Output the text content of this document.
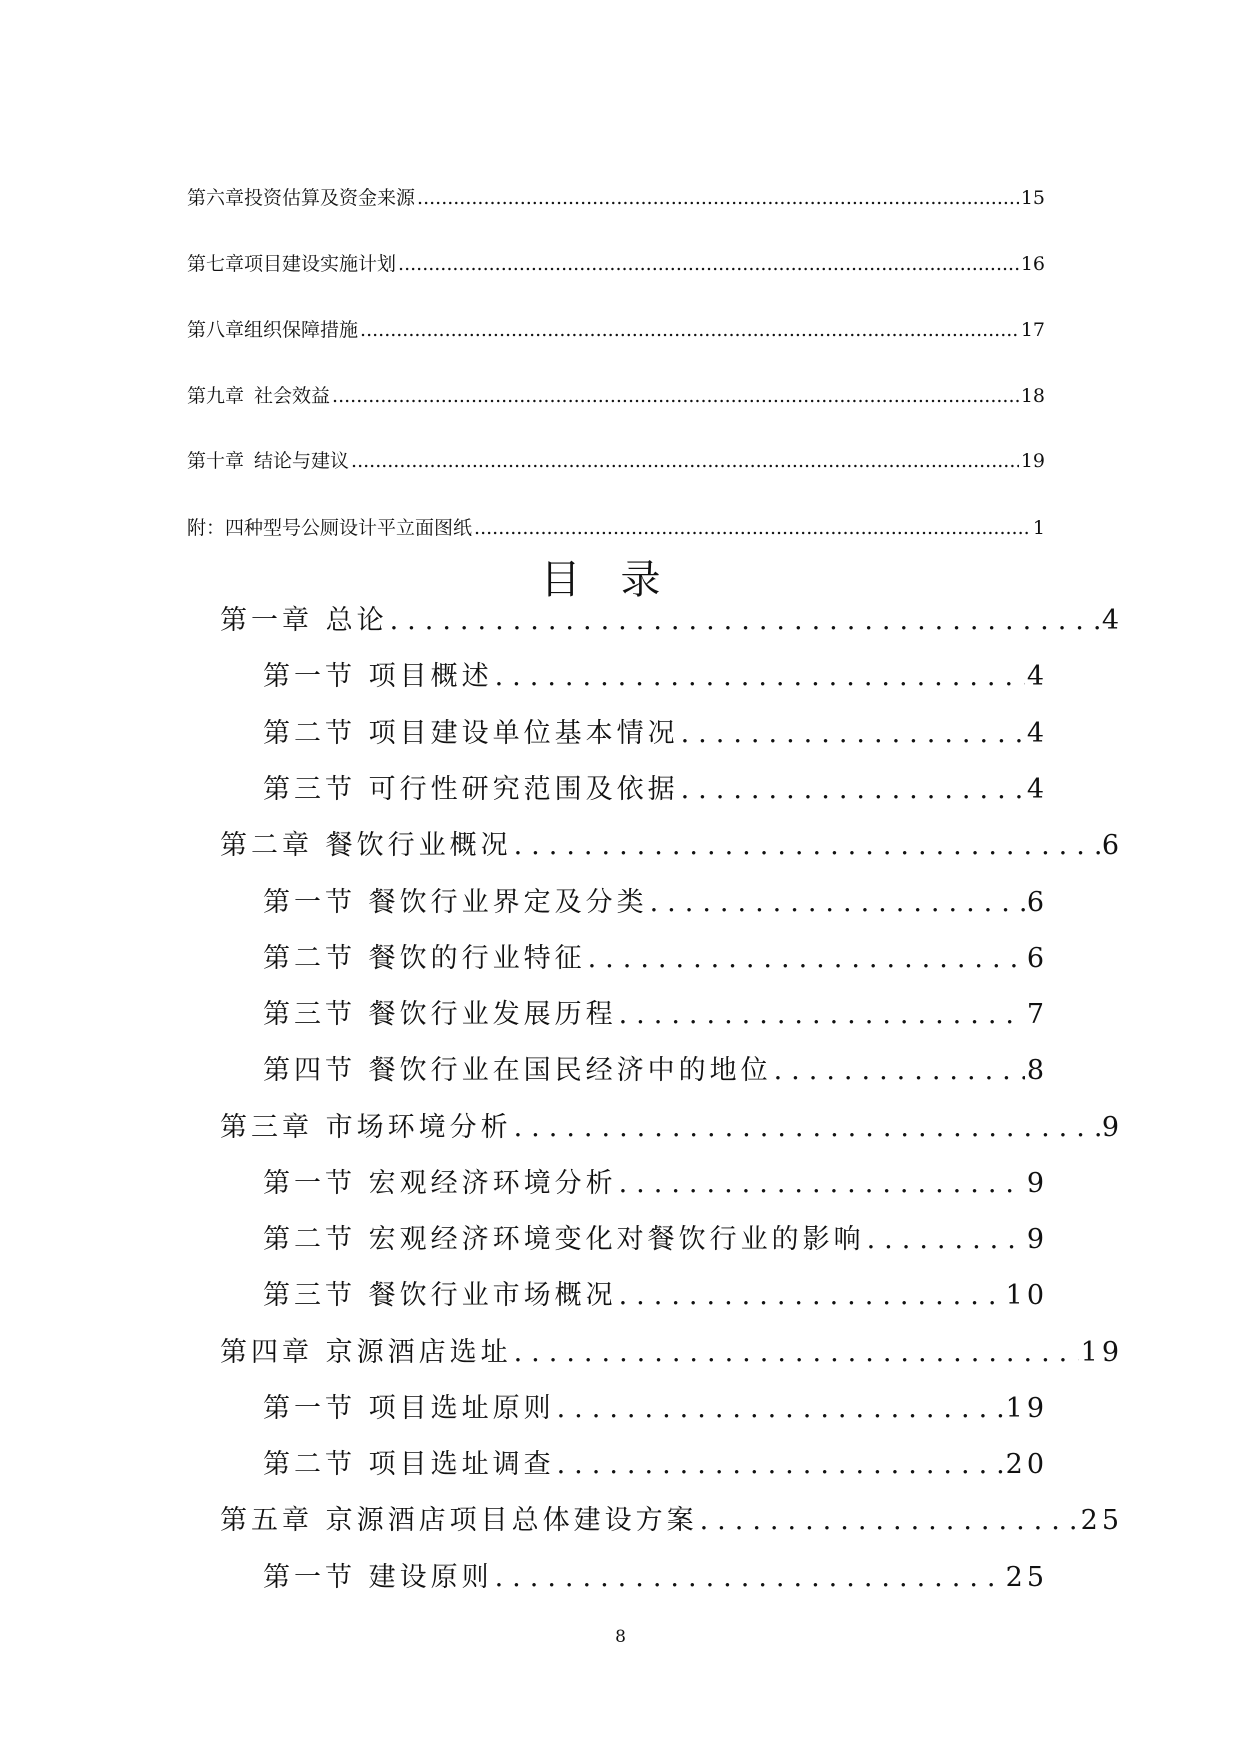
第六章 投资估算及资金来源 .....	15
第七章 项目建设实施计划 .....	16
第八章 组织保障措施 .....	17
第九章 社会效益 .....	18
第十章 结论与建议 .....	19
附： 四种型号公厕设计平立面图纸 .....	1
目录
第一章 总论 .....	4
第一节 项目概述 .....	4
第二节 项目建设单位基本情况 .....	4
第三节 可行性研究范围及依据 .....	4
第二章 餐饮行业概况 .....	6
第一节 餐饮行业界定及分类 .....	6
第二节 餐饮的行业特征 .....	6
第三节 餐饮行业发展历程 .....	7
第四节 餐饮行业在国民经济中的地位 .....	8
第三章 市场环境分析 .....	9
第一节 宏观经济环境分析 .....	9
第二节 宏观经济环境变化对餐饮行业的影响 .....	9
第三节 餐饮行业市场概况 .....	10
第四章 京源酒店选址 .....	19
第一节 项目选址原则 .....	19
第二节 项目选址调查 .....	20
第五章 京源酒店项目总体建设方案 .....	25
第一节 建设原则 .....	25
8
